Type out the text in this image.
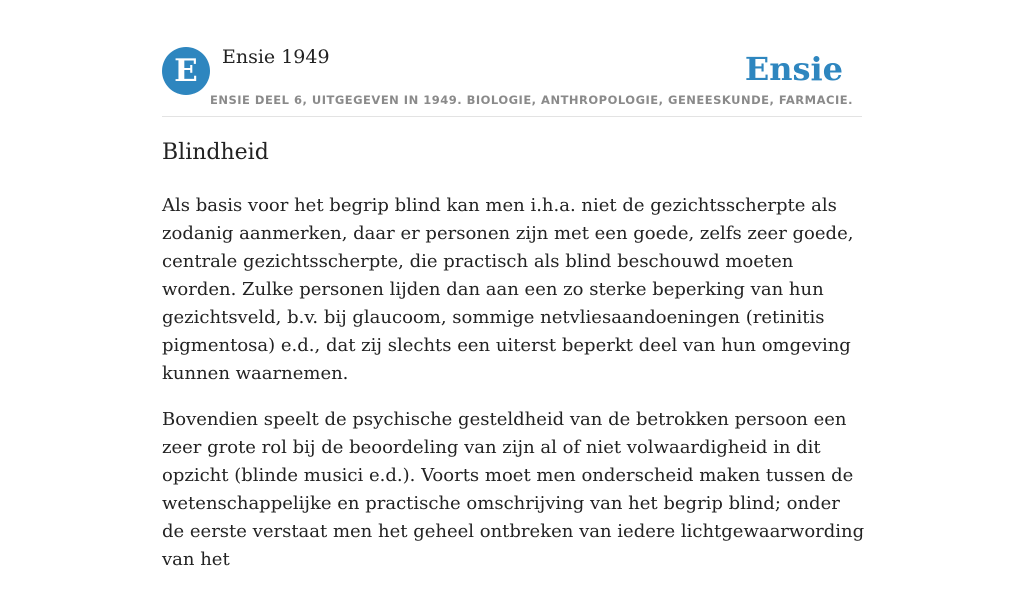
E	Ensie 1949	Ensie
ENSIE DEEL 6, UITGEGEVEN IN 1949. BIOLOGIE, ANTHROPOLOGIE, GENEESKUNDE, FARMACIE.
Blindheid

Als basis voor het begrip blind kan men i.h.a. niet de gezichtsscherpte als zodanig aanmerken, daar er personen zijn met een goede, zelfs zeer goede, centrale gezichtsscherpte, die practisch als blind beschouwd moeten worden. Zulke personen lijden dan aan een zo sterke beperking van hun gezichtsveld, b.v. bij glaucoom, sommige netvliesaandoeningen (retinitis pigmentosa) e.d., dat zij slechts een uiterst beperkt deel van hun omgeving kunnen waarnemen.

Bovendien speelt de psychische gesteldheid van de betrokken persoon een zeer grote rol bij de beoordeling van zijn al of niet volwaardigheid in dit opzicht (blinde musici e.d.). Voorts moet men onderscheid maken tussen de wetenschappelijke en practische omschrijving van het begrip blind; onder de eerste verstaat men het geheel ontbreken van iedere lichtgewaarwording van het
